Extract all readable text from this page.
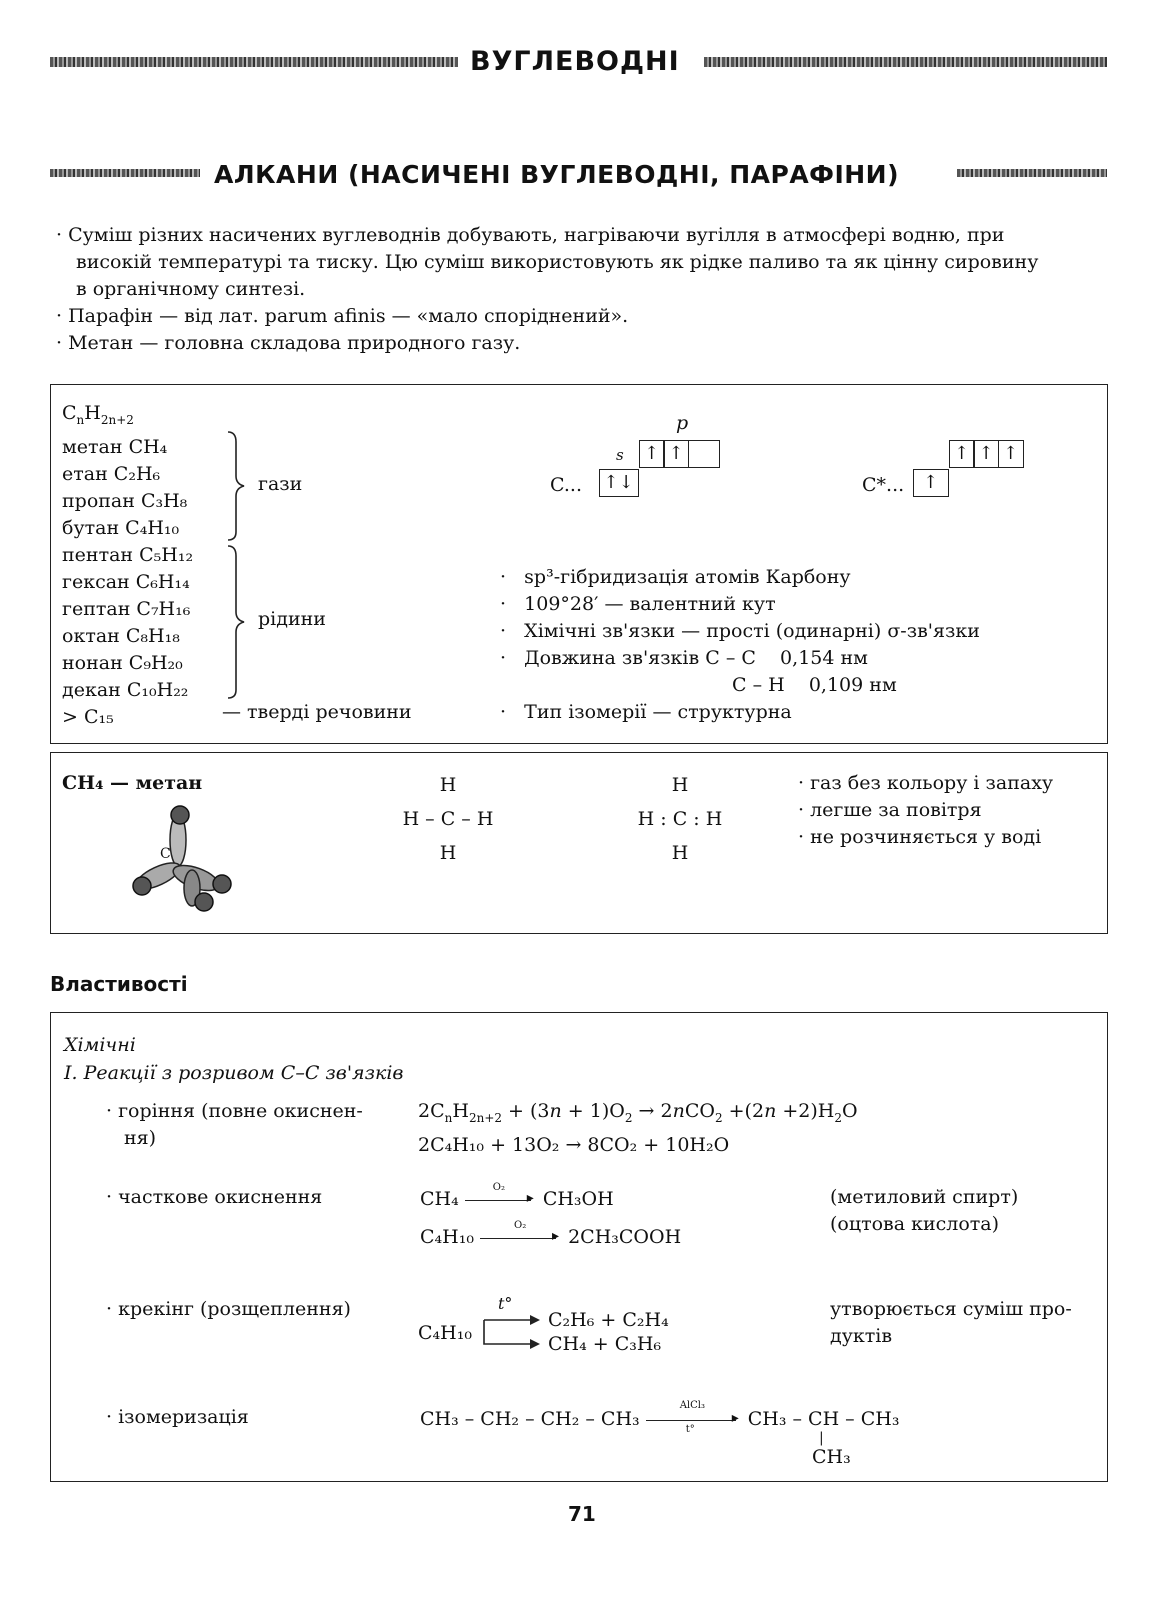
ВУГЛЕВОДНІ
АЛКАНИ (НАСИЧЕНІ ВУГЛЕВОДНІ, ПАРАФІНИ)
· Суміш різних насичених вуглеводнів добувають, нагріваючи вугілля в атмосфері водню, при
високій температурі та тиску. Цю суміш використовують як рідке паливо та як цінну сировину
в органічному синтезі.
· Парафін — від лат. parum afinis — «мало споріднений».
· Метан — головна складова природного газу.
$C_nH_{2n+2}$
метан CH₄
етан C₂H₆
пропан C₃H₈
бутан C₄H₁₀
пентан C₅H₁₂
гексан C₆H₁₄
гептан C₇H₁₆
октан C₈H₁₈
нонан C₉H₂₀
декан C₁₀H₂₂
> C₁₅
гази
рідини
— тверді речовини
p
s
C... ↑↓
↑ ↑
C*...	↑
↑ ↑ ↑
·   sp³-гібридизація атомів Карбону
·   109°28′ — валентний кут
·   Хімічні зв'язки — прості (одинарні) σ-зв'язки
·   Довжина зв'язків C – C    0,154 нм
C – H    0,109 нм
·   Тип ізомерії — структурна
CH₄ — метан
C
H
H – C – H
H
H
H : C : H
H
· газ без кольору і запаху
· легше за повітря
· не розчиняється у воді
Властивості
Хімічні
I. Реакції з розривом C–C зв'язків
· горіння (повне окиснен-
ня)
$2C_nH_{2n+2} + (3n + 1)O_2 \to 2nCO_2 +(2n +2)H_2O$
2C₄H₁₀ + 13O₂ → 8CO₂ + 10H₂O
· часткове окиснення	CH₄
O₂
▸ CH₃OH
C₄H₁₀
O₂
▸ 2CH₃COOH
(метиловий спирт)
(оцтова кислота)
· крекінг (розщеплення)
C₄H₁₀
t°
C₂H₆ + C₂H₄
CH₄ + C₃H₆
утворюється суміш про-
дуктів
· ізомеризація	CH₃ – CH₂ – CH₂ – CH₃
AlCl₃
▸
t°	CH₃ – CH – CH₃
|
CH₃
71
